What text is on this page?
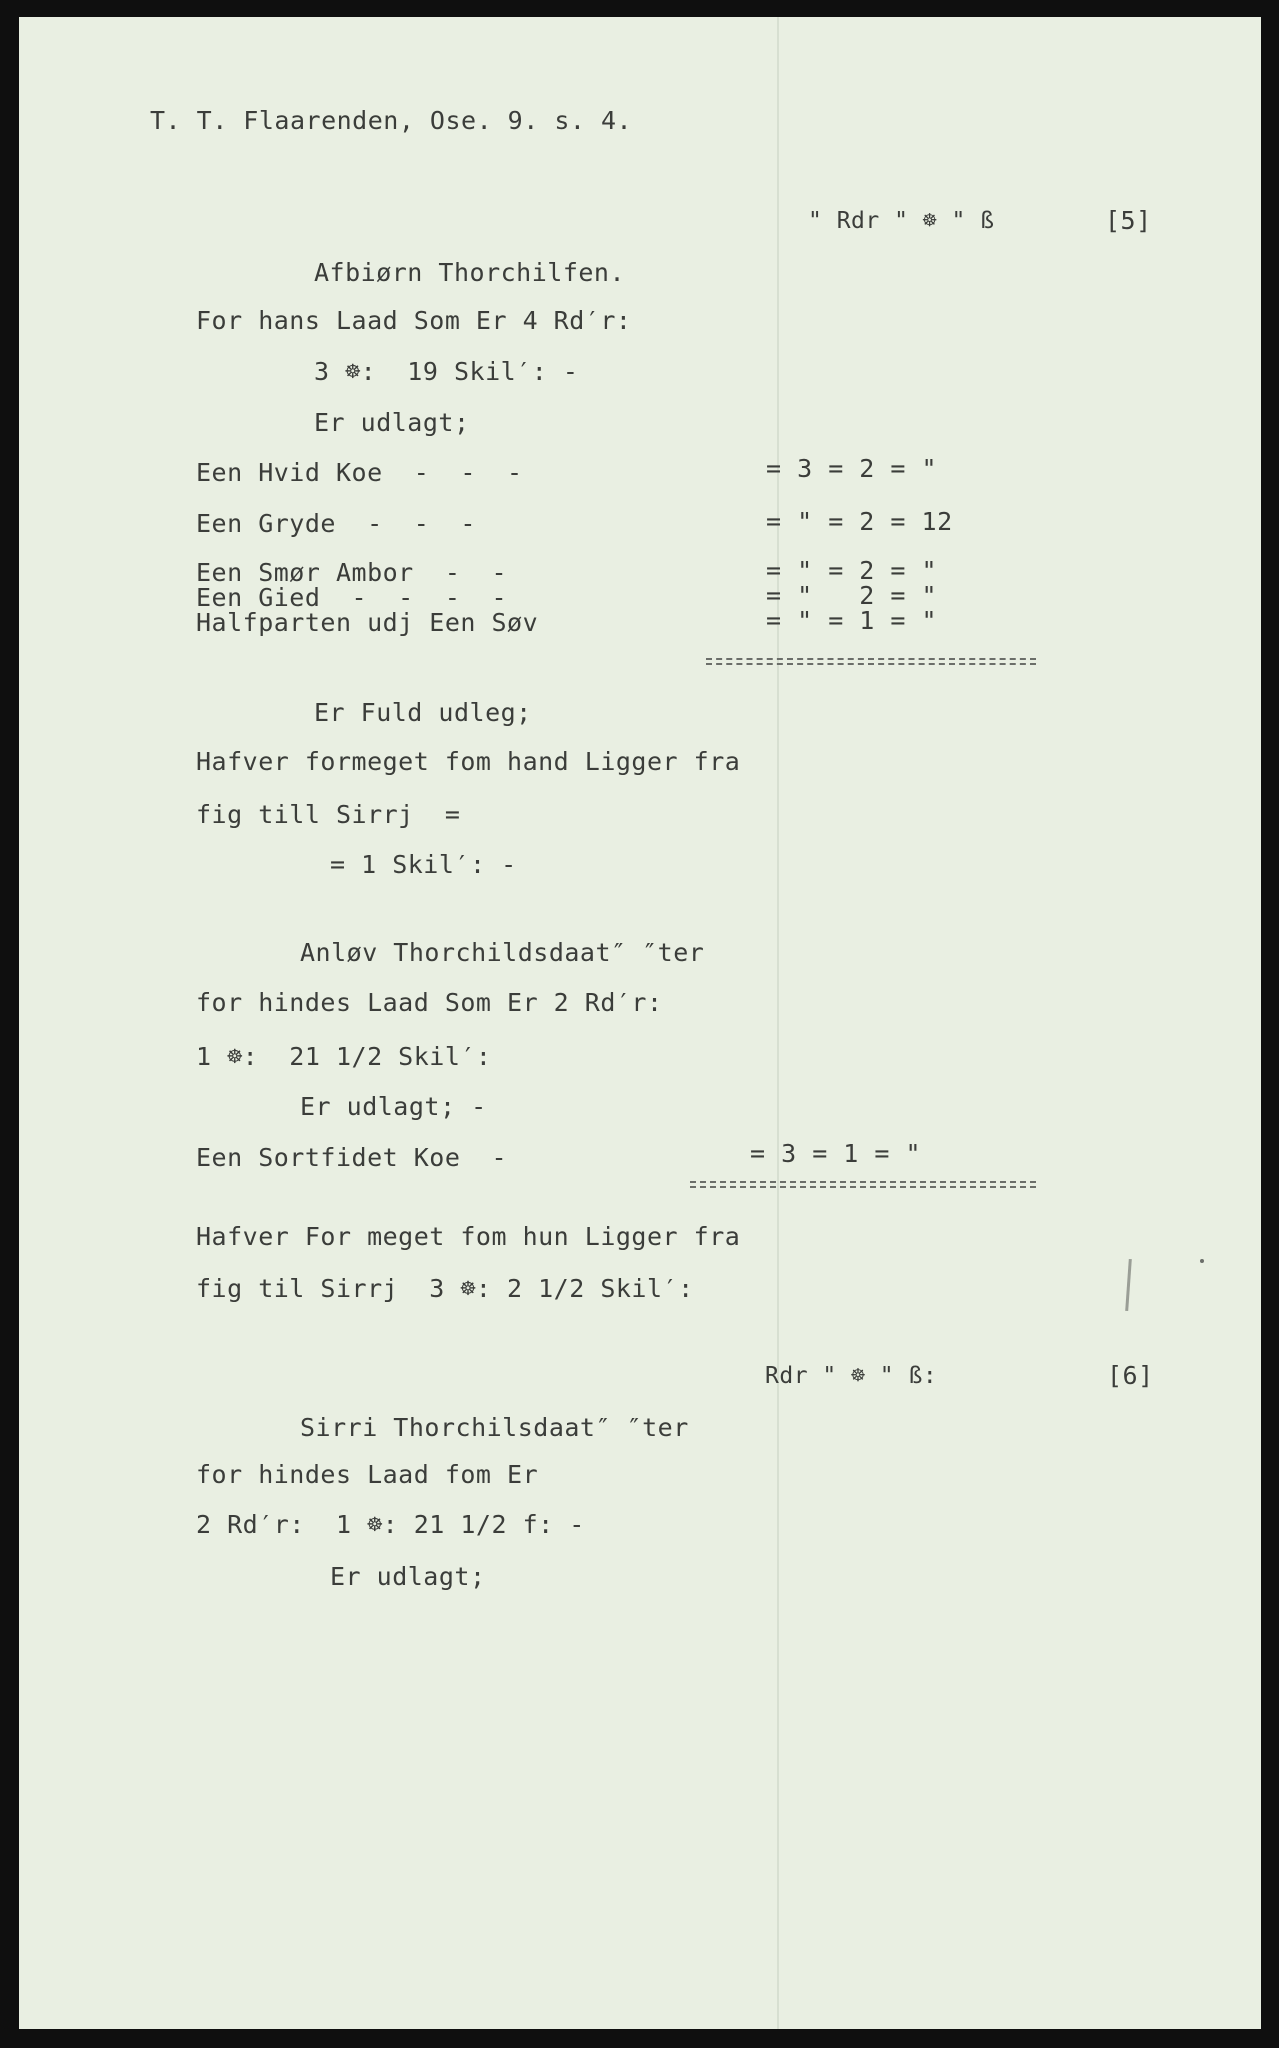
T. T. Flaarenden, Ose. 9. s. 4.
" Rdr " ☸ " ß	[5]
Afbiørn Thorchilfen.
For hans Laad Som Er 4 Rd′r:
3 ☸:  19 Skil′: -
Er udlagt;
Een Hvid Koe  -  -  -	= 3 = 2 = "
Een Gryde  -  -  -	= " = 2 = 12
Een Smør Ambor  -  -	= " = 2 = "
Een Gied  -  -  -  -	= "   2 = "
Halfparten udj Een Søv	= " = 1 = "
Er Fuld udleg;
Hafver formeget fom hand Ligger fra
fig till Sirrj  =
= 1 Skil′: -
Anløv Thorchildsdaat″ ″ter
for hindes Laad Som Er 2 Rd′r:
1 ☸:  21 1/2 Skil′:
Er udlagt; -
Een Sortfidet Koe  -	= 3 = 1 = "
Hafver For meget fom hun Ligger fra
fig til Sirrj  3 ☸: 2 1/2 Skil′:
Rdr " ☸ " ß:	[6]
Sirri Thorchilsdaat″ ″ter
for hindes Laad fom Er
2 Rd′r:  1 ☸: 21 1/2 f: -
Er udlagt;
